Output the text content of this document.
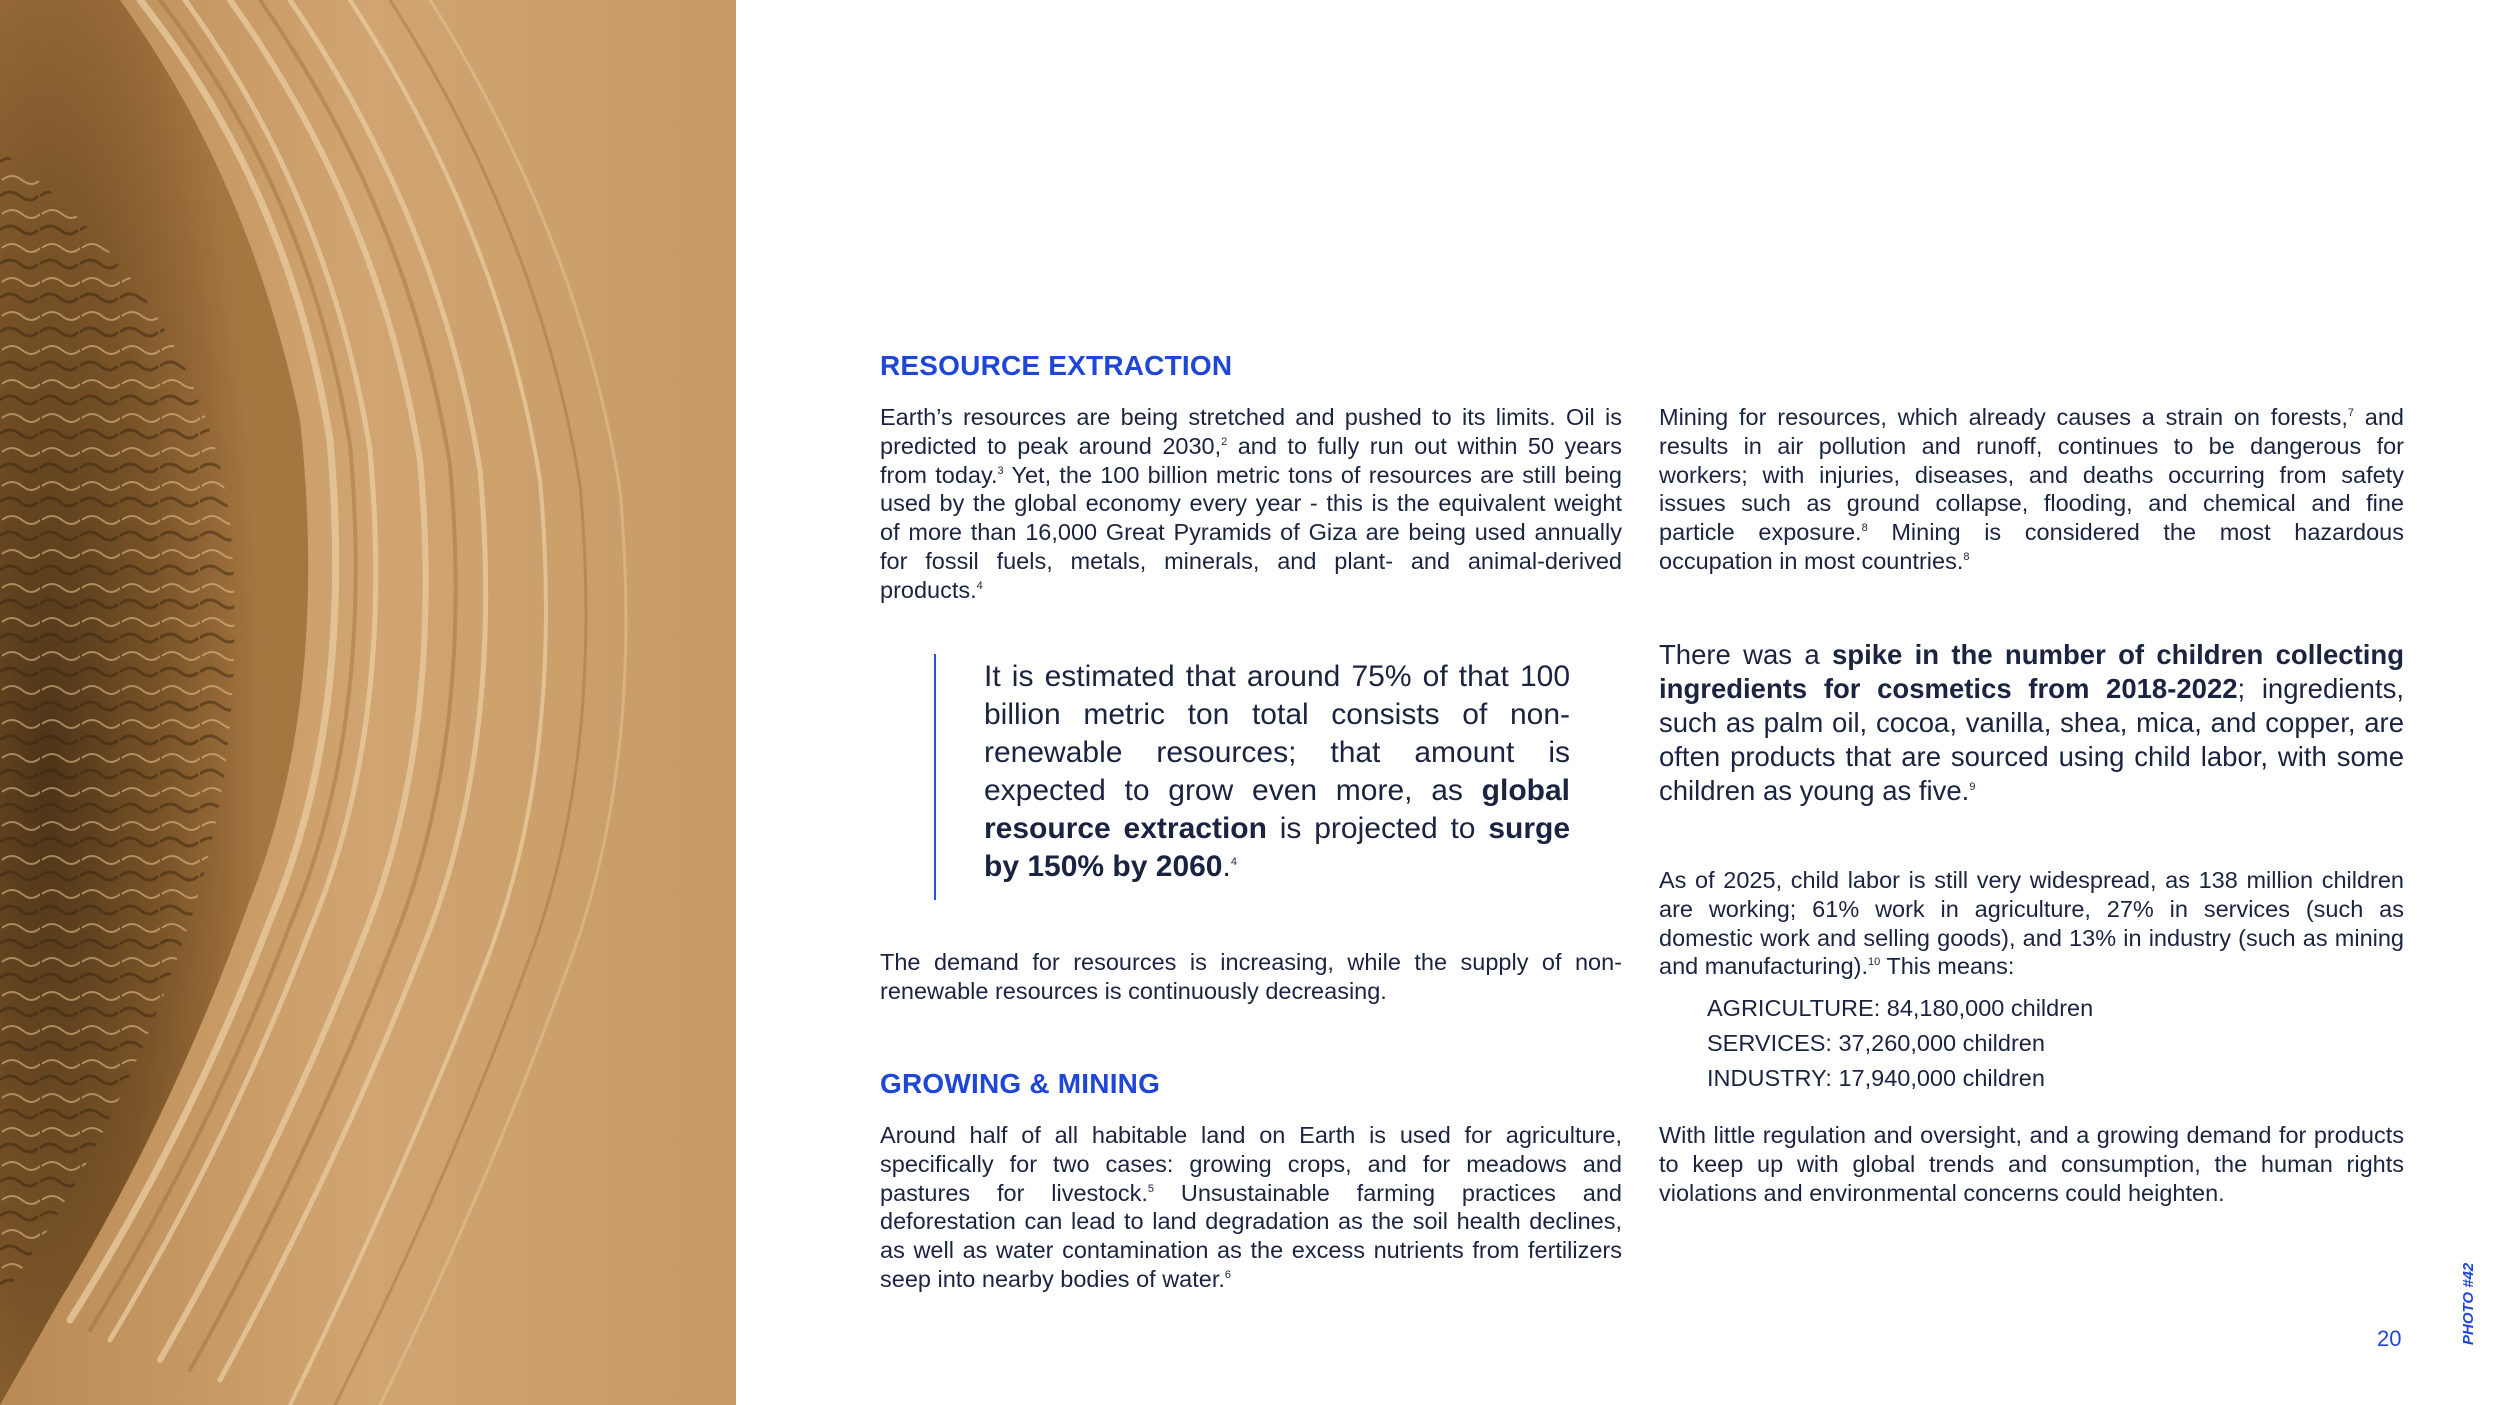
RESOURCE EXTRACTION

Earth’s resources are being stretched and pushed to its limits. Oil is predicted to peak around 2030,$^2$ and to fully run out within 50 years from today.$^3$ Yet, the 100 billion metric tons of resources are still being used by the global economy every year - this is the equivalent weight of more than 16,000 Great Pyramids of Giza are being used annually for fossil fuels, metals, minerals, and plant- and animal-derived products.$^4$

It is estimated that around 75% of that 100 billion metric ton total consists of non-renewable resources; that amount is expected to grow even more, as global resource extraction is projected to surge by 150% by 2060.$^4$

The demand for resources is increasing, while the supply of non-renewable resources is continuously decreasing.

GROWING & MINING

Around half of all habitable land on Earth is used for agriculture, specifically for two cases: growing crops, and for meadows and pastures for livestock.$^5$ Unsustainable farming practices and deforestation can lead to land degradation as the soil health declines, as well as water contamination as the excess nutrients from fertilizers seep into nearby bodies of water.$^6$

Mining for resources, which already causes a strain on forests,$^7$ and results in air pollution and runoff, continues to be dangerous for workers; with injuries, diseases, and deaths occurring from safety issues such as ground collapse, flooding, and chemical and fine particle exposure.$^8$ Mining is considered the most hazardous occupation in most countries.$^8$

There was a spike in the number of children collecting ingredients for cosmetics from 2018-2022; ingredients, such as palm oil, cocoa, vanilla, shea, mica, and copper, are often products that are sourced using child labor, with some children as young as five.$^9$

As of 2025, child labor is still very widespread, as 138 million children are working; 61% work in agriculture, 27% in services (such as domestic work and selling goods), and 13% in industry (such as mining and manufacturing).$^{10}$ This means:

AGRICULTURE: 84,180,000 children
SERVICES: 37,260,000 children
INDUSTRY: 17,940,000 children

With little regulation and oversight, and a growing demand for products to keep up with global trends and consumption, the human rights violations and environmental concerns could heighten.

20	PHOTO #42
